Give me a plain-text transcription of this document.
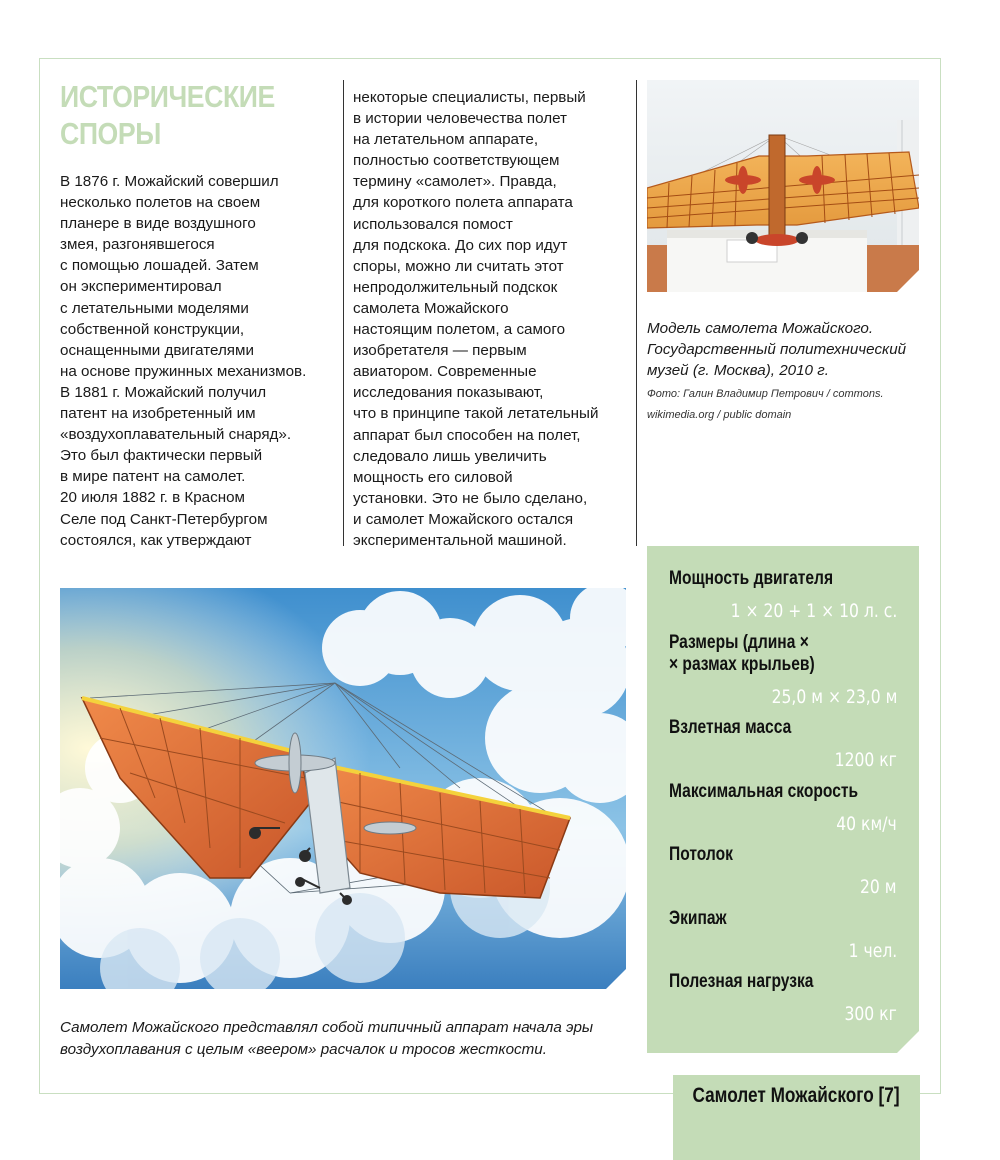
ИСТОРИЧЕСКИЕ
СПОРЫ
В 1876 г. Можайский совершил
несколько полетов на своем
планере в виде воздушного
змея, разгонявшегося
с помощью лошадей. Затем
он экспериментировал
с летательными моделями
собственной конструкции,
оснащенными двигателями
на основе пружинных механизмов.
В 1881 г. Можайский получил
патент на изобретенный им
«воздухоплавательный снаряд».
Это был фактически первый
в мире патент на самолет.
20 июля 1882 г. в Красном
Селе под Санкт-Петербургом
состоялся, как утверждают
некоторые специалисты, первый
в истории человечества полет
на летательном аппарате,
полностью соответствующем
термину «самолет». Правда,
для короткого полета аппарата
использовался помост
для подскока. До сих пор идут
споры, можно ли считать этот
непродолжительный подскок
самолета Можайского
настоящим полетом, а самого
изобретателя — первым
авиатором. Современные
исследования показывают,
что в принципе такой летательный
аппарат был способен на полет,
следовало лишь увеличить
мощность его силовой
установки. Это не было сделано,
и самолет Можайского остался
экспериментальной машиной.
Модель самолета Можайского.
Государственный политехнический
музей (г. Москва), 2010 г.
Фото: Галин Владимир Петрович / commons.
wikimedia.org / public domain
Самолет Можайского представлял собой типичный аппарат начала эры
воздухоплавания с целым «веером» расчалок и тросов жесткости.
Мощность двигателя
1 × 20 + 1 × 10 л. с.
Размеры (длина ×
× размах крыльев)
25,0 м × 23,0 м
Взлетная масса
1200 кг
Максимальная скорость
40 км/ч
Потолок
20 м
Экипаж
1 чел.
Полезная нагрузка
300 кг
Самолет Можайского [7]
